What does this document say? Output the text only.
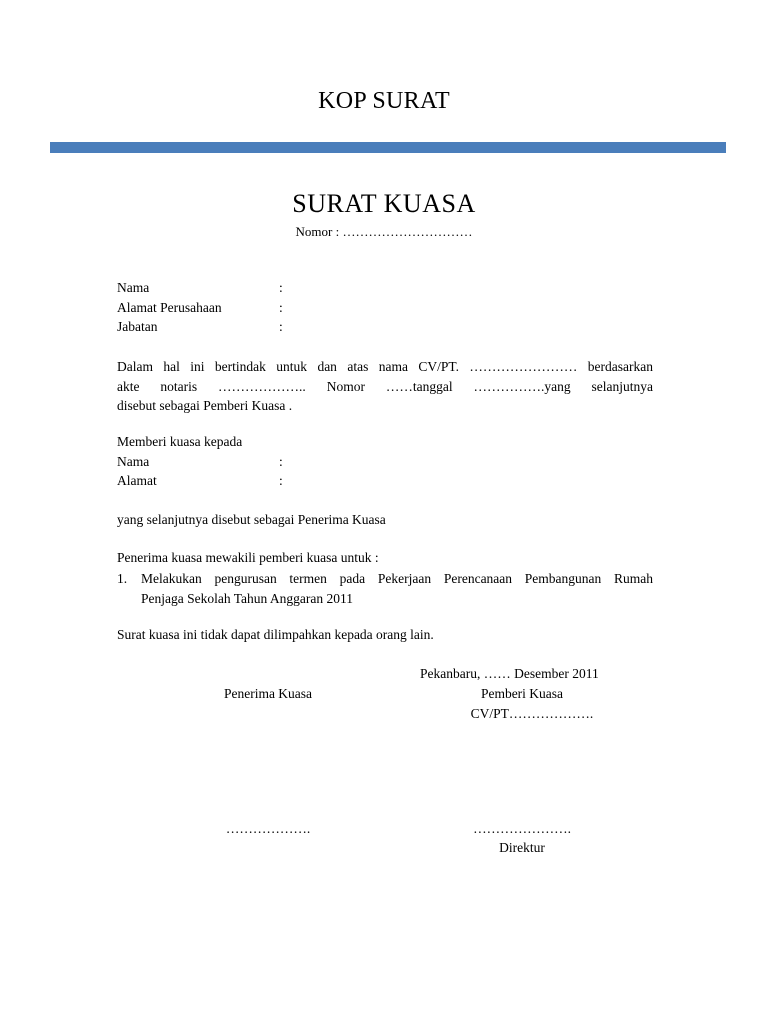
KOP SURAT
SURAT KUASA
Nomor : …………………………
Nama	:
Alamat Perusahaan	:
Jabatan	:
Dalam hal ini bertindak untuk dan atas nama CV/PT. …………………… berdasarkan
akte notaris ……………….. Nomor ……tanggal …………….yang selanjutnya
disebut sebagai Pemberi Kuasa .
Memberi kuasa kepada
Nama	:
Alamat	:
yang selanjutnya disebut sebagai Penerima Kuasa
Penerima kuasa mewakili pemberi kuasa untuk :
1. Melakukan pengurusan termen pada Pekerjaan Perencanaan Pembangunan Rumah
Penjaga Sekolah Tahun Anggaran 2011
Surat kuasa ini tidak dapat dilimpahkan kepada orang lain.
Pekanbaru, …… Desember 2011
Penerima Kuasa	Pemberi Kuasa
CV/PT……………….
……………….	………………….
Direktur
